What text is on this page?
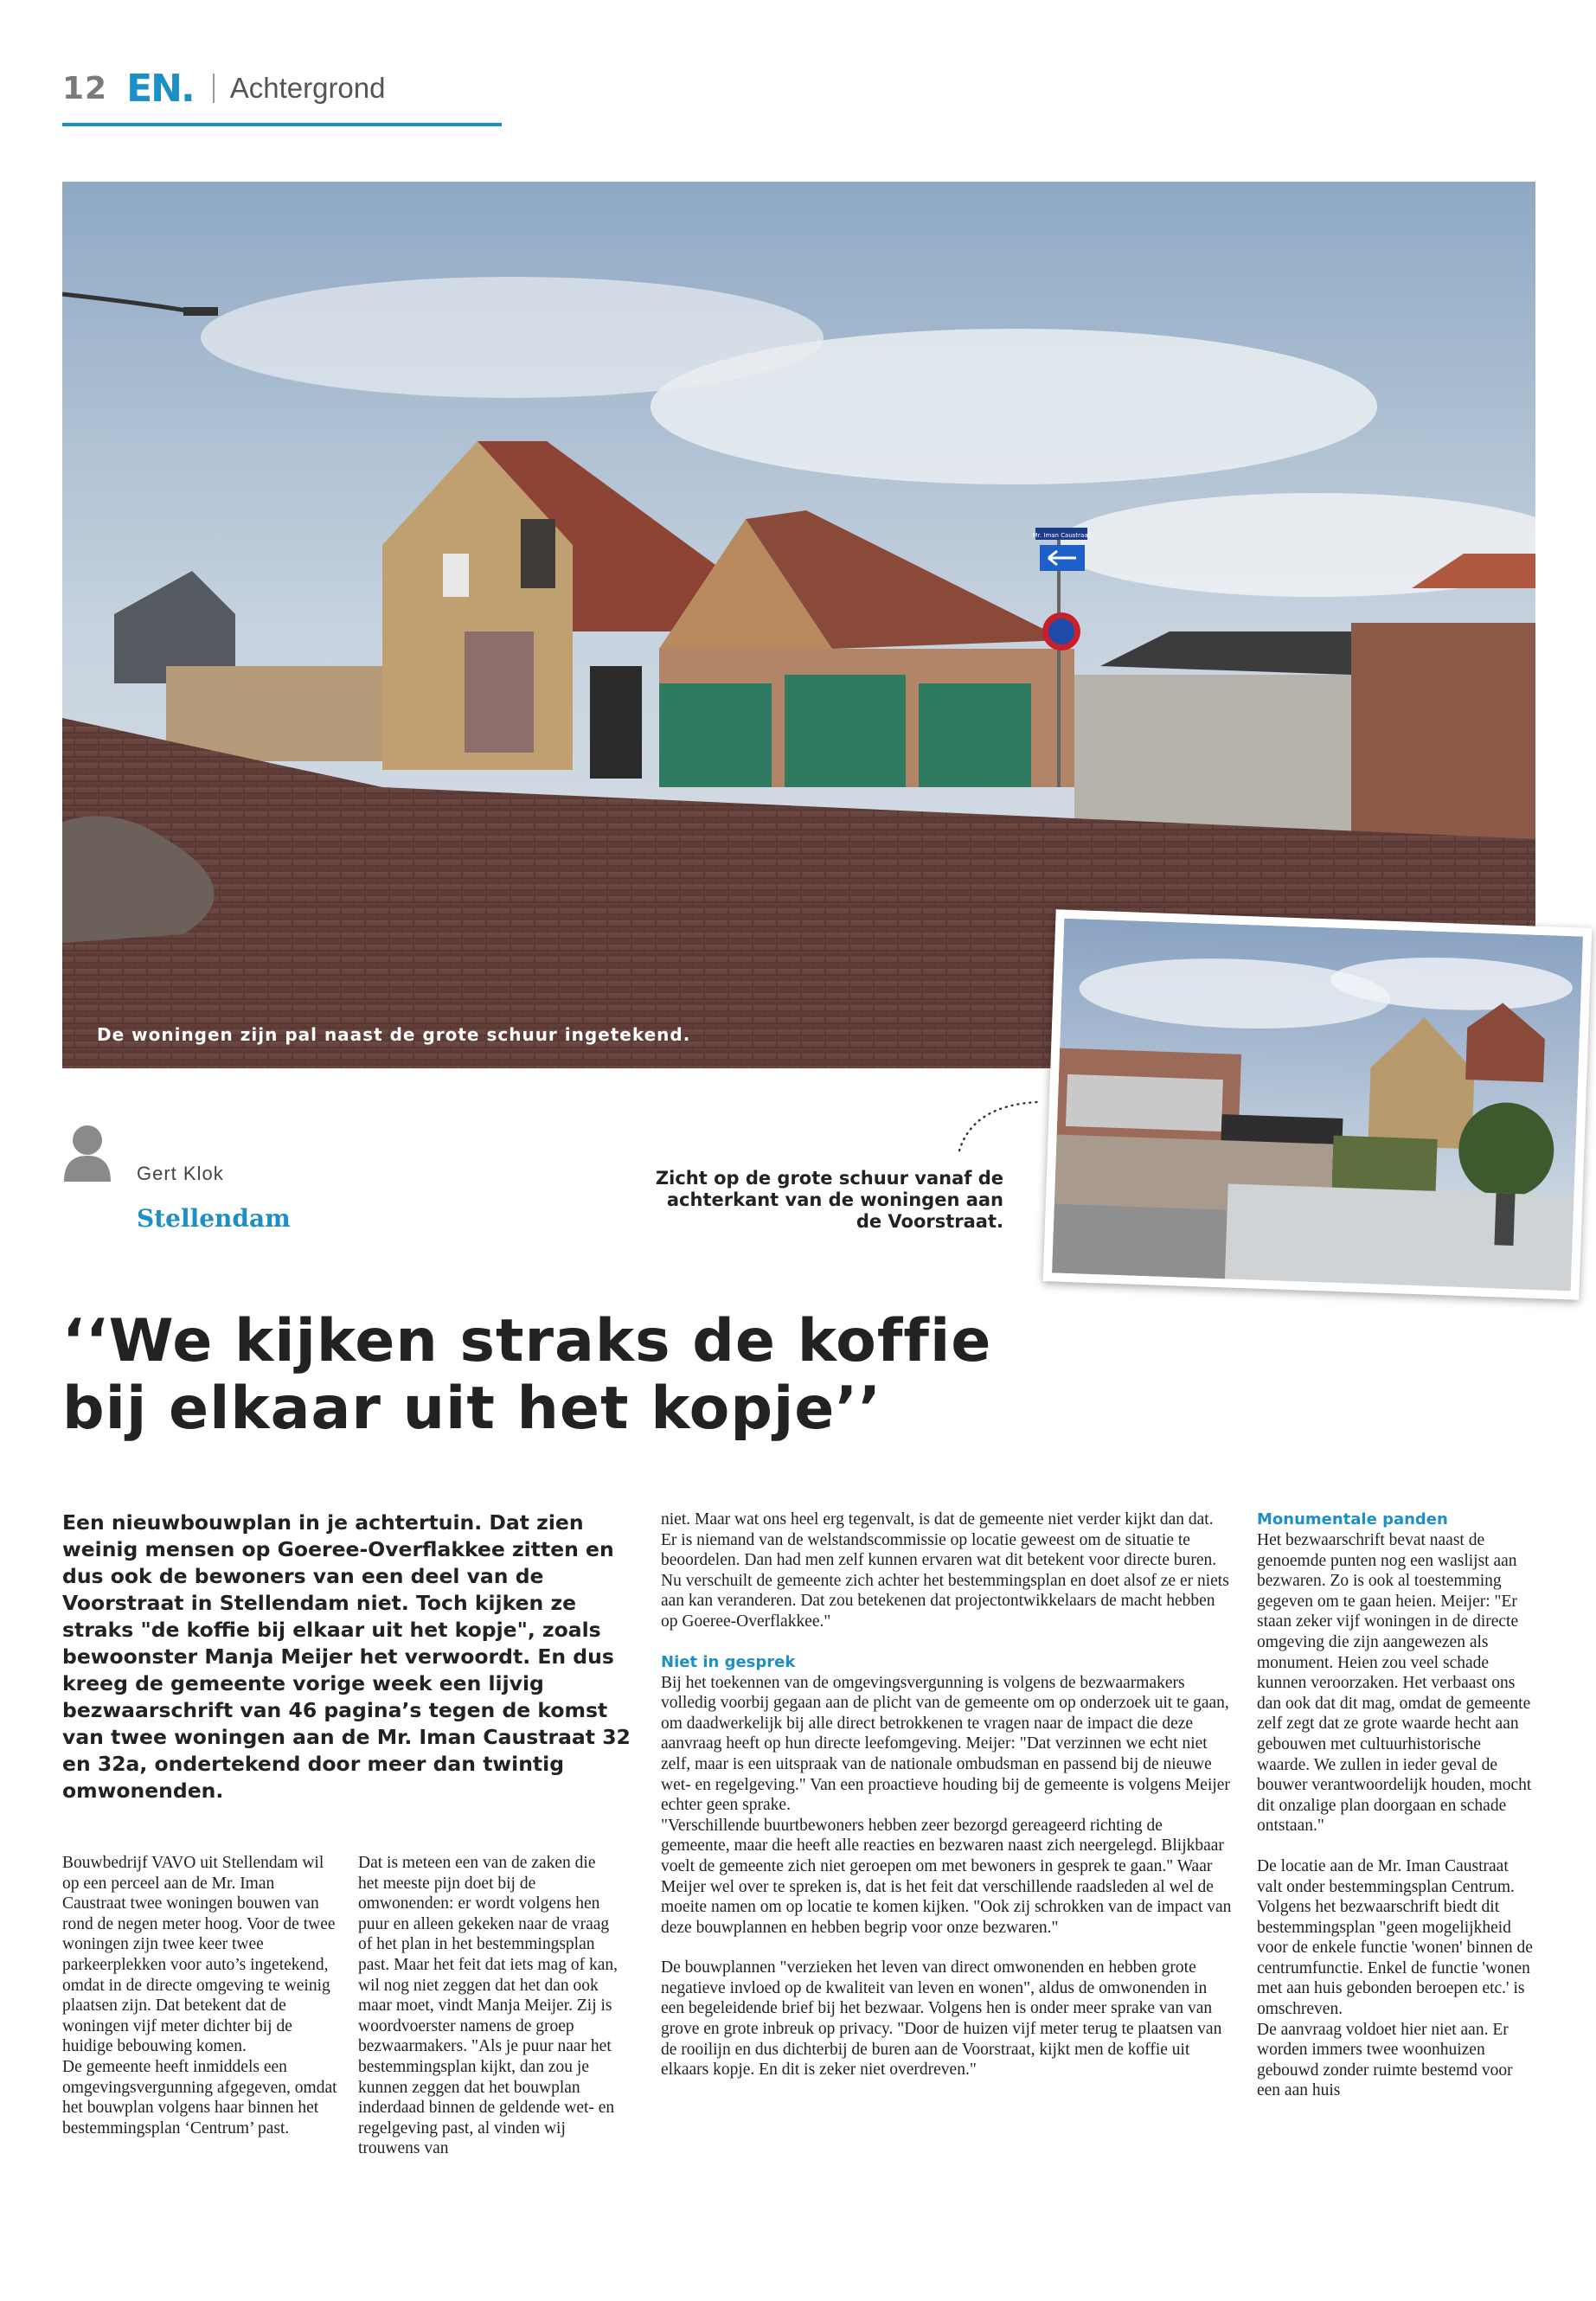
12 EN. Achtergrond
Mr. Iman Caustraat
De woningen zijn pal naast de grote schuur ingetekend.
Gert Klok
Stellendam
Zicht op de grote schuur vanaf de achterkant van de woningen aan de Voorstraat.
‘‘We kijken straks de koffie bij elkaar uit het kopje’’

Een nieuwbouwplan in je achtertuin. Dat zien weinig mensen op Goeree-Overflakkee zitten en dus ook de bewoners van een deel van de Voorstraat in Stellendam niet. Toch kijken ze straks "de koffie bij elkaar uit het kopje", zoals bewoonster Manja Meijer het verwoordt. En dus kreeg de gemeente vorige week een lijvig bezwaarschrift van 46 pagina’s tegen de komst van twee woningen aan de Mr. Iman Caustraat 32 en 32a, ondertekend door meer dan twintig omwonenden.

Bouwbedrijf VAVO uit Stellendam wil op een perceel aan de Mr. Iman Caustraat twee woningen bouwen van rond de negen meter hoog. Voor de twee woningen zijn twee keer twee parkeerplekken voor auto’s ingetekend, omdat in de directe omgeving te weinig plaatsen zijn. Dat betekent dat de woningen vijf meter dichter bij de huidige bebouwing komen.

De gemeente heeft inmiddels een omgevingsvergunning afgegeven, omdat het bouwplan volgens haar binnen het bestemmingsplan ‘Centrum’ past.

Dat is meteen een van de zaken die het meeste pijn doet bij de omwonenden: er wordt volgens hen puur en alleen gekeken naar de vraag of het plan in het bestemmingsplan past. Maar het feit dat iets mag of kan, wil nog niet zeggen dat het dan ook maar moet, vindt Manja Meijer. Zij is woordvoerster namens de groep bezwaarmakers. "Als je puur naar het bestemmingsplan kijkt, dan zou je kunnen zeggen dat het bouwplan inderdaad binnen de geldende wet- en regelgeving past, al vinden wij trouwens van

niet. Maar wat ons heel erg tegenvalt, is dat de gemeente niet verder kijkt dan dat. Er is niemand van de welstandscommissie op locatie geweest om de situatie te beoordelen. Dan had men zelf kunnen ervaren wat dit betekent voor directe buren. Nu verschuilt de gemeente zich achter het bestemmingsplan en doet alsof ze er niets aan kan veranderen. Dat zou betekenen dat projectontwikkelaars de macht hebben op Goeree-Overflakkee."

Niet in gesprek

Bij het toekennen van de omgevingsvergunning is volgens de bezwaarmakers volledig voorbij gegaan aan de plicht van de gemeente om op onderzoek uit te gaan, om daadwerkelijk bij alle direct betrokkenen te vragen naar de impact die deze aanvraag heeft op hun directe leefomgeving. Meijer: "Dat verzinnen we echt niet zelf, maar is een uitspraak van de nationale ombudsman en passend bij de nieuwe wet- en regelgeving." Van een proactieve houding bij de gemeente is volgens Meijer echter geen sprake.

"Verschillende buurtbewoners hebben zeer bezorgd gereageerd richting de gemeente, maar die heeft alle reacties en bezwaren naast zich neergelegd. Blijkbaar voelt de gemeente zich niet geroepen om met bewoners in gesprek te gaan." Waar Meijer wel over te spreken is, dat is het feit dat verschillende raadsleden al wel de moeite namen om op locatie te komen kijken. "Ook zij schrokken van de impact van deze bouwplannen en hebben begrip voor onze bezwaren."

De bouwplannen "verzieken het leven van direct omwonenden en hebben grote negatieve invloed op de kwaliteit van leven en wonen", aldus de omwonenden in een begeleidende brief bij het bezwaar. Volgens hen is onder meer sprake van van grove en grote inbreuk op privacy. "Door de huizen vijf meter terug te plaatsen van de rooilijn en dus dichterbij de buren aan de Voorstraat, kijkt men de koffie uit elkaars kopje. En dit is zeker niet overdreven."

Monumentale panden

Het bezwaarschrift bevat naast de genoemde punten nog een waslijst aan bezwaren. Zo is ook al toestemming gegeven om te gaan heien. Meijer: "Er staan zeker vijf woningen in de directe omgeving die zijn aangewezen als monument. Heien zou veel schade kunnen veroorzaken. Het verbaast ons dan ook dat dit mag, omdat de gemeente zelf zegt dat ze grote waarde hecht aan gebouwen met cultuurhistorische waarde. We zullen in ieder geval de bouwer verantwoordelijk houden, mocht dit onzalige plan doorgaan en schade ontstaan."

De locatie aan de Mr. Iman Caustraat valt onder bestemmingsplan Centrum. Volgens het bezwaarschrift biedt dit bestemmingsplan "geen mogelijkheid voor de enkele functie 'wonen' binnen de centrumfunctie. Enkel de functie 'wonen met aan huis gebonden beroepen etc.' is omschreven.

De aanvraag voldoet hier niet aan. Er worden immers twee woonhuizen gebouwd zonder ruimte bestemd voor een aan huis
